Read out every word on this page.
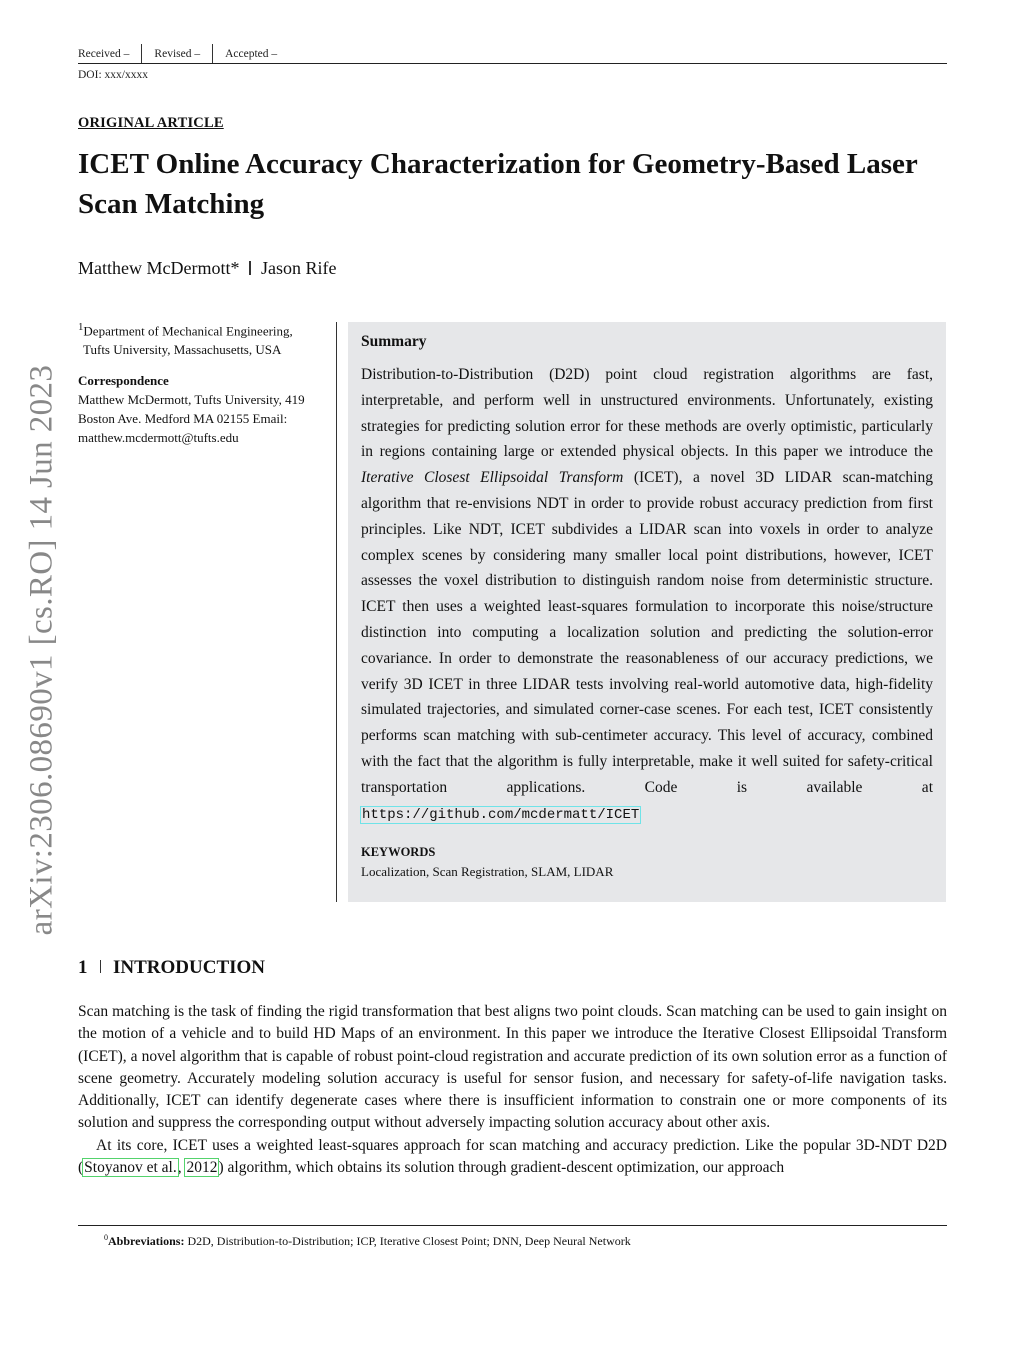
Received –	Revised –	Accepted –
DOI: xxx/xxxx
arXiv:2306.08690v1 [cs.RO] 14 Jun 2023
ORIGINAL ARTICLE
ICET Online Accuracy Characterization for Geometry-Based Laser Scan Matching
Matthew McDermott* Jason Rife
$^1$Department of Mechanical Engineering,
Tufts University, Massachusetts, USA
Correspondence
Matthew McDermott, Tufts University, 419 Boston Ave. Medford MA 02155 Email: matthew.mcdermott@tufts.edu
Summary
Distribution-to-Distribution (D2D) point cloud registration algorithms are fast, interpretable, and perform well in unstructured environments. Unfortunately, existing strategies for predicting solution error for these methods are overly optimistic, particularly in regions containing large or extended physical objects. In this paper we introduce the Iterative Closest Ellipsoidal Transform (ICET), a novel 3D LIDAR scan-matching algorithm that re-envisions NDT in order to provide robust accuracy prediction from first principles. Like NDT, ICET subdivides a LIDAR scan into voxels in order to analyze complex scenes by considering many smaller local point distributions, however, ICET assesses the voxel distribution to distinguish random noise from deterministic structure. ICET then uses a weighted least-squares formulation to incorporate this noise/structure distinction into computing a localization solution and predicting the solution-error covariance. In order to demonstrate the reasonableness of our accuracy predictions, we verify 3D ICET in three LIDAR tests involving real-world automotive data, high-fidelity simulated trajectories, and simulated corner-case scenes. For each test, ICET consistently performs scan matching with sub-centimeter accuracy. This level of accuracy, combined with the fact that the algorithm is fully interpretable, make it well suited for safety-critical transportation applications. Code is available at https://github.com/mcdermatt/ICET
KEYWORDS
Localization, Scan Registration, SLAM, LIDAR
1 INTRODUCTION

Scan matching is the task of finding the rigid transformation that best aligns two point clouds. Scan matching can be used to gain insight on the motion of a vehicle and to build HD Maps of an environment. In this paper we introduce the Iterative Closest Ellipsoidal Transform (ICET), a novel algorithm that is capable of robust point-cloud registration and accurate prediction of its own solution error as a function of scene geometry. Accurately modeling solution accuracy is useful for sensor fusion, and necessary for safety-of-life navigation tasks. Additionally, ICET can identify degenerate cases where there is insufficient information to constrain one or more components of its solution and suppress the corresponding output without adversely impacting solution accuracy about other axis.

At its core, ICET uses a weighted least-squares approach for scan matching and accuracy prediction. Like the popular 3D-NDT D2D (Stoyanov et al., 2012) algorithm, which obtains its solution through gradient-descent optimization, our approach

$^0$Abbreviations: D2D, Distribution-to-Distribution; ICP, Iterative Closest Point; DNN, Deep Neural Network
